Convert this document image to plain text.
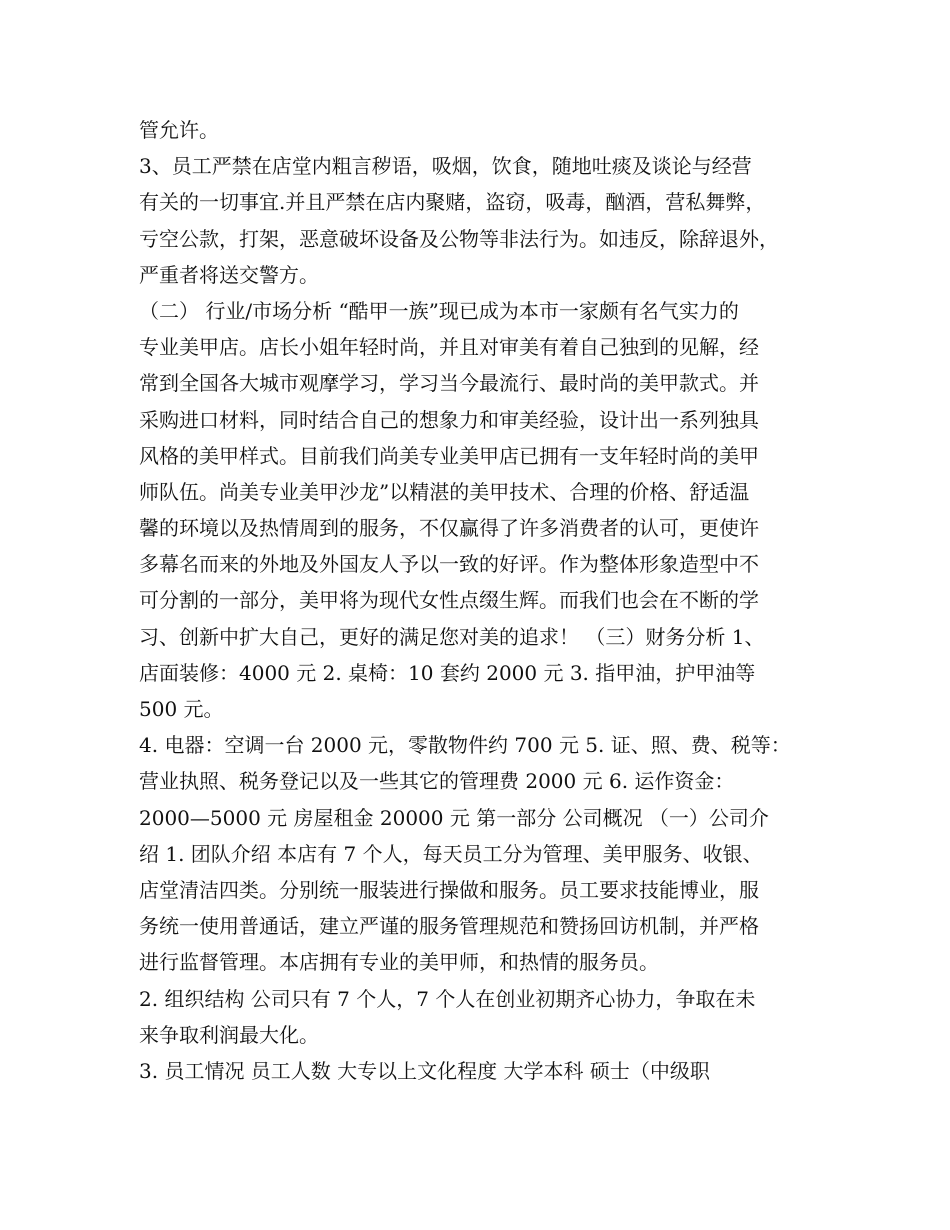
管允许。
3、员工严禁在店堂内粗言秽语，吸烟，饮食，随地吐痰及谈论与经营
有关的一切事宜.并且严禁在店内聚赌，盗窃，吸毒，酗酒，营私舞弊，
亏空公款，打架，恶意破坏设备及公物等非法行为。如违反，除辞退外，
严重者将送交警方。
（二） 行业/市场分析 “酷甲一族”现已成为本市一家颇有名气实力的
专业美甲店。店长小姐年轻时尚，并且对审美有着自己独到的见解，经
常到全国各大城市观摩学习，学习当今最流行、最时尚的美甲款式。并
采购进口材料，同时结合自己的想象力和审美经验，设计出一系列独具
风格的美甲样式。目前我们尚美专业美甲店已拥有一支年轻时尚的美甲
师队伍。尚美专业美甲沙龙”以精湛的美甲技术、合理的价格、舒适温
馨的环境以及热情周到的服务，不仅赢得了许多消费者的认可，更使许
多幕名而来的外地及外国友人予以一致的好评。作为整体形象造型中不
可分割的一部分，美甲将为现代女性点缀生辉。而我们也会在不断的学
习、创新中扩大自己，更好的满足您对美的追求！ （三）财务分析 1、
店面装修：4000 元 2. 桌椅：10 套约 2000 元 3. 指甲油，护甲油等
500 元。
4. 电器：空调一台 2000 元，零散物件约 700 元 5. 证、照、费、税等：
营业执照、税务登记以及一些其它的管理费 2000 元 6. 运作资金：
2000—5000 元 房屋租金 20000 元 第一部分 公司概况 （一）公司介
绍 1. 团队介绍 本店有 7 个人，每天员工分为管理、美甲服务、收银、
店堂清洁四类。分别统一服装进行操做和服务。员工要求技能博业，服
务统一使用普通话，建立严谨的服务管理规范和赞扬回访机制，并严格
进行监督管理。本店拥有专业的美甲师，和热情的服务员。
2. 组织结构 公司只有 7 个人，7 个人在创业初期齐心协力，争取在未
来争取利润最大化。
3. 员工情况 员工人数 大专以上文化程度 大学本科 硕士（中级职
